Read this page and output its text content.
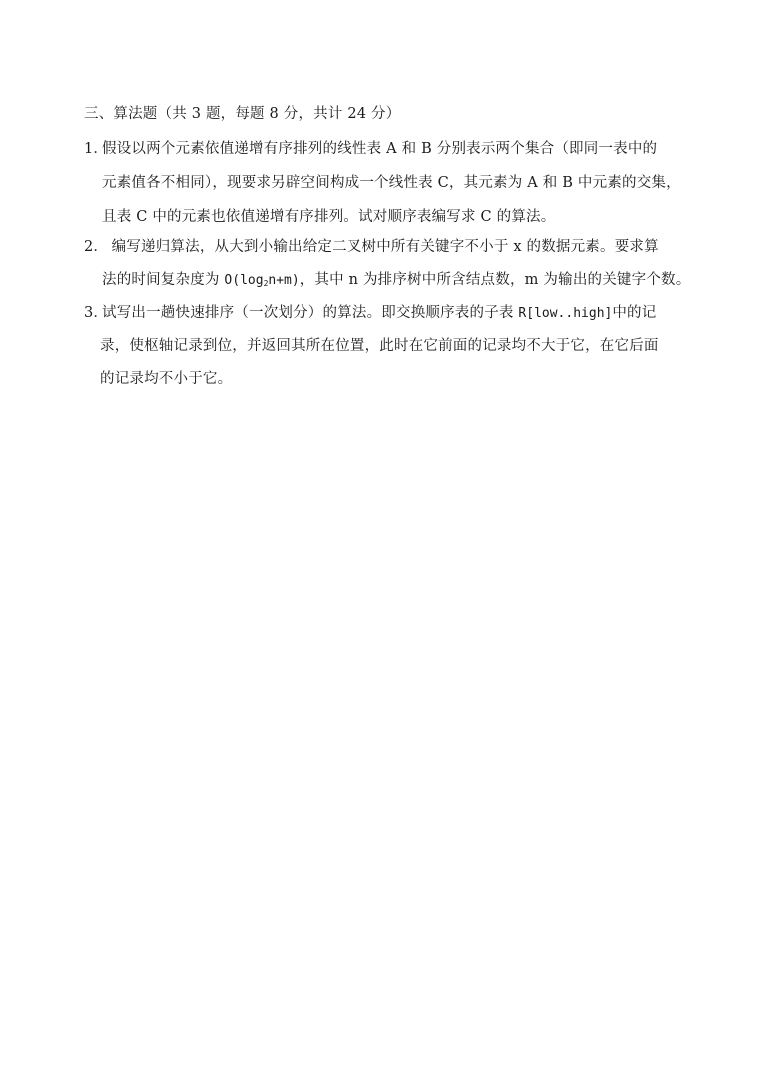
三、算法题（共 3 题，每题 8 分，共计 24 分）
1．假设以两个元素依值递增有序排列的线性表 A 和 B 分别表示两个集合（即同一表中的
元素值各不相同），现要求另辟空间构成一个线性表 C，其元素为 A 和 B 中元素的交集，
且表 C 中的元素也依值递增有序排列。试对顺序表编写求 C 的算法。
2．  编写递归算法，从大到小输出给定二叉树中所有关键字不小于 x 的数据元素。要求算
法的时间复杂度为 $O(\log_2n+m)$，其中 n 为排序树中所含结点数，m 为输出的关键字个数。
3．试写出一趟快速排序（一次划分）的算法。即交换顺序表的子表 R[low..high]中的记
录，使枢轴记录到位，并返回其所在位置，此时在它前面的记录均不大于它，在它后面
的记录均不小于它。
